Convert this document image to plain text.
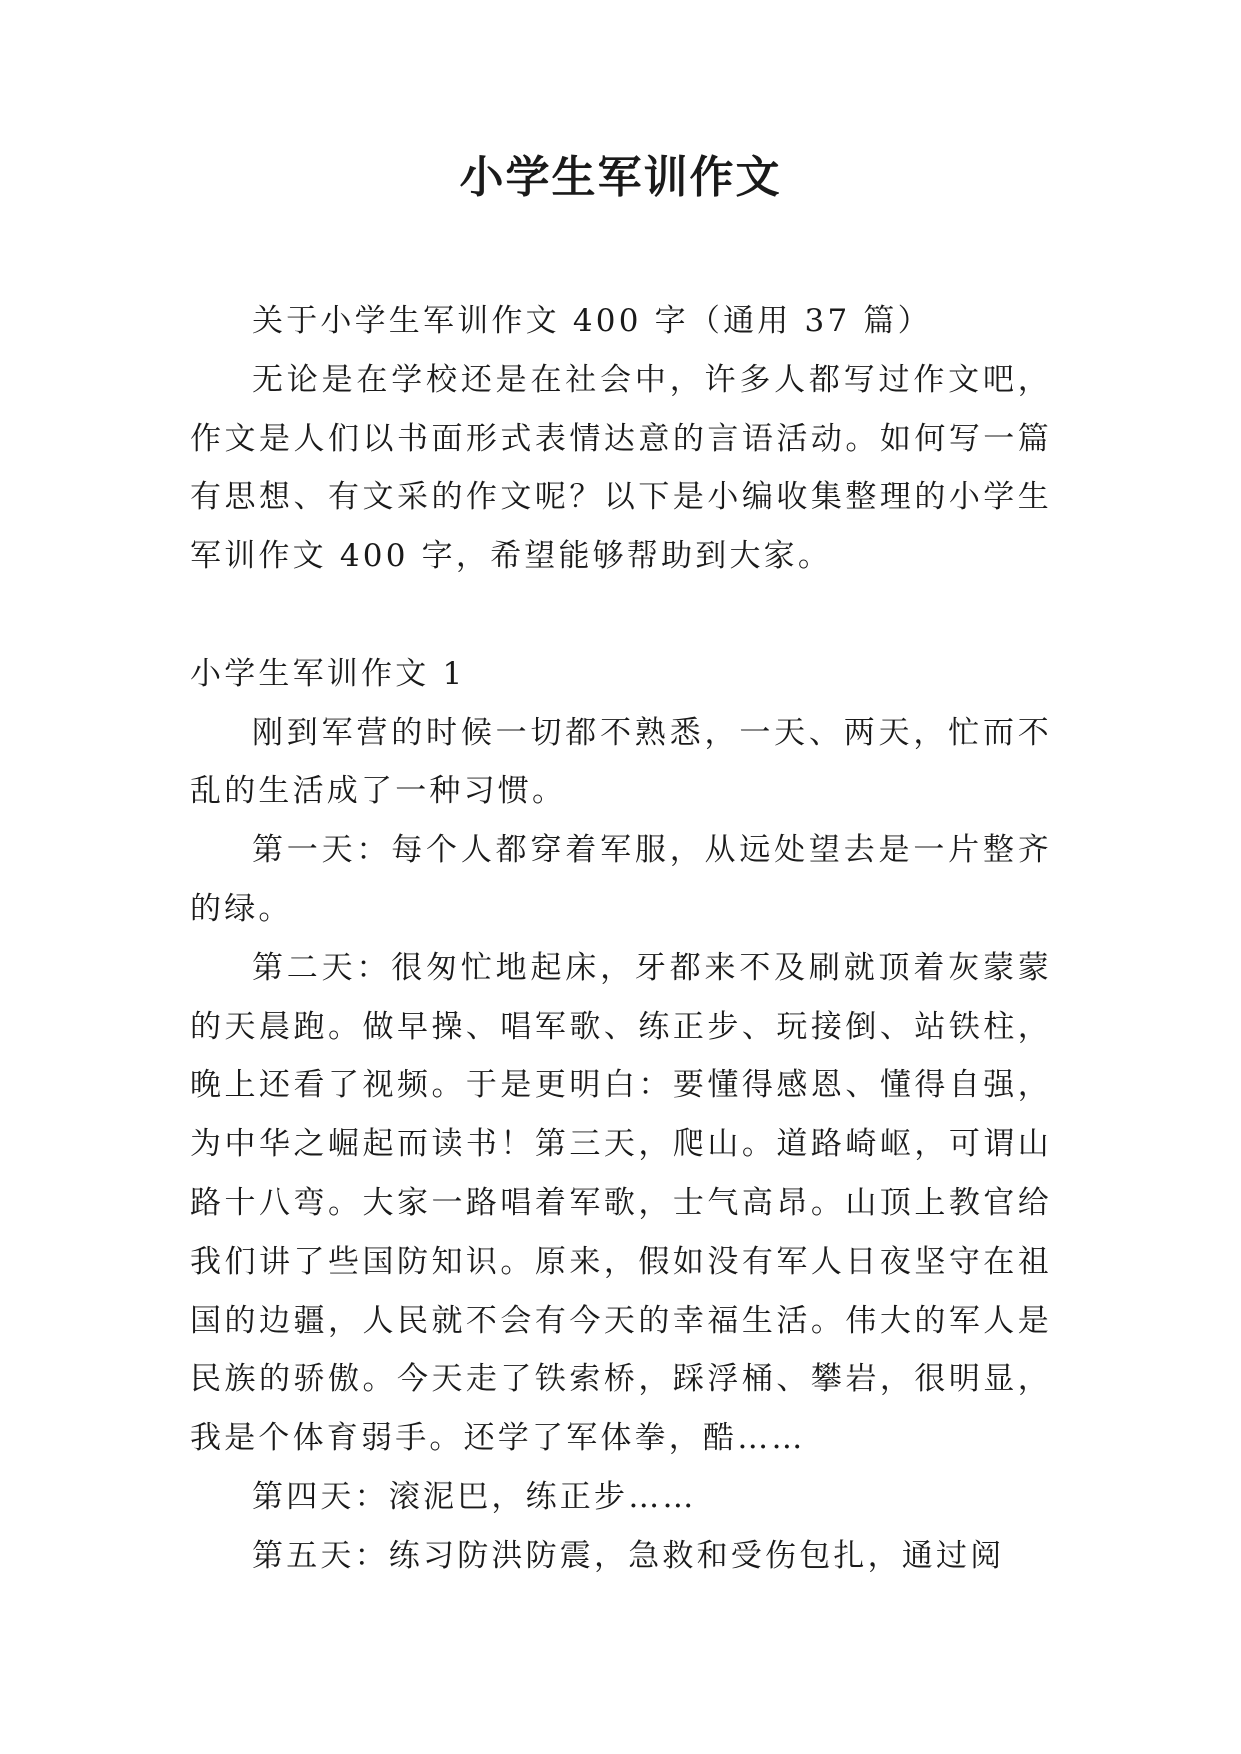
小学生军训作文

关于小学生军训作文 400 字（通用 37 篇）

无论是在学校还是在社会中，许多人都写过作文吧，作文是人们以书面形式表情达意的言语活动。如何写一篇有思想、有文采的作文呢？以下是小编收集整理的小学生军训作文 400 字，希望能够帮助到大家。

小学生军训作文 1

刚到军营的时候一切都不熟悉，一天、两天，忙而不乱的生活成了一种习惯。

第一天：每个人都穿着军服，从远处望去是一片整齐的绿。

第二天：很匆忙地起床，牙都来不及刷就顶着灰蒙蒙的天晨跑。做早操、唱军歌、练正步、玩接倒、站铁柱，晚上还看了视频。于是更明白：要懂得感恩、懂得自强，为中华之崛起而读书！第三天，爬山。道路崎岖，可谓山路十八弯。大家一路唱着军歌，士气高昂。山顶上教官给我们讲了些国防知识。原来，假如没有军人日夜坚守在祖国的边疆，人民就不会有今天的幸福生活。伟大的军人是民族的骄傲。今天走了铁索桥，踩浮桶、攀岩，很明显，我是个体育弱手。还学了军体拳，酷……

第四天：滚泥巴，练正步……

第五天：练习防洪防震，急救和受伤包扎，通过阅
